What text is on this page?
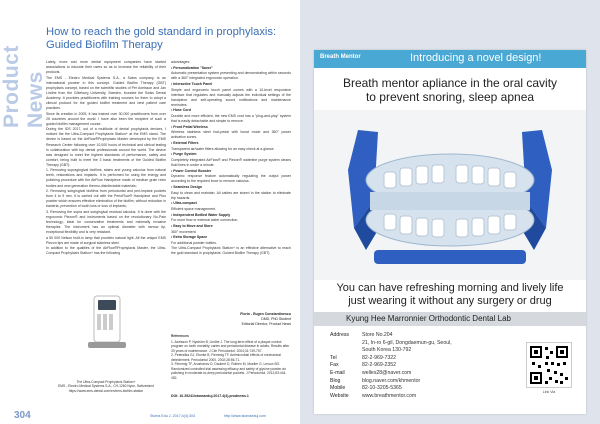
Product News
How to reach the gold standard in prophylaxis: Guided Biofilm Therapy

Lately, more and more dental equipment companies have started associations to educate their users so as to increase the reliability of their products.

The EMS - Electro Medical Systems S.A., a Swiss company, is an international pioneer in this concept. Guided Biofilm Therapy (GBT) prophylaxis concept, based on the scientific studies of Per Axelsson and Jan Lindhe from the Göteborg University, Sweden, founded the Swiss Dental Academy. It provides practitioners with training courses for them to adopt a clinical protocol for the guided biofilm treatment and best patient care practices.

Since its creation in 2005, it has trained over 30,000 practitioners from over 25 countries around the world. I have also been the recipient of such a guided biofilm management course.

During the IDS 2017, out of a multitude of dental prophylaxis devices, I noticed the the Ultra-Compact Prophylaxis Station+ at the EMS stand. The device is based on the AirFlow®Prophylaxis Master developed by the EMS Research Center following over 10,000 hours of technical and clinical testing in collaboration with top dental professionals around the world. The device was designed to meet the highest standards of performance, safety and comfort, being built to meet the 3 basic treatments of the Guided Biofilm Therapy (GBT):

1. Removing supragingival biofilms, stains and young calculus from natural teeth, restorations and implants. It is performed for using the energy and polishing procedure with the AirFlow Handpiece made of medium grain resin bodies and new generation thermo-disinfectable materials;

2. Removing subgingival biofilms from periodontal and peri-implant pockets from 4 to 9 mm. It is carried out with the PerioFlow® Handpiece and Plus powder which ensures effective elimination of the biofilm, without reduction in bacteria, prevention of tooth loss or loss of implants;

3. Removing the supra and subgingival residual calculus. It is done with the ergonomic Piezon® and instruments based on the revolutionary No-Pain technology, ideal for conservative treatments and minimally invasive therapies. The instrument has an optimal diameter with narrow tip, exceptional flexibility and is very resistant.

a 50 000 Nelson built-in lamp that provides natural light. All the unique EMS Piezon tips are made of surgical stainless steel.

In addition to the qualities of the AirFlow®Prophylaxis Master, the Ultra-Compact Prophylaxis Station+ has the following

The Ultra-Compact Prophylaxis Station+
EMS - Electro Medical Systems S.A., CH-1260 Nyon, Switzerland
https://www.ems-dental.com/en/ems-biofilm-station

advantages:

• Personalization "Saver"

Automatic presentation system presenting and demonstrating within seconds with a 360° integrated ergonomic operation.

• Interactive Touch Panel

Simple and ergonomic touch panel comes with a 10-level responsive interface that regulates and manually adjusts the individual settings of the handpiece and self-operating sound notifications and maintenance reminders.

• Hose Cord

Durable and more efficient, the new EMS cord has a "plug-and-play" system that is easily detachable and simple to remove.

• Front Pedal Wireless

Wireless stainless steel foot-pedal with boost mode and 360° power activation zones.

• External Filters

Transparent air/water filters allowing for an easy check at a glance.

• Purge System

Completely integrated AirFlow® and Piezon® waterline purge system cleans fluid lines in under a minute.

• Power Control Booster

Dynamic response feature automatically regulating the output power according to the required force to remove calculus.

• Seamless Design

Easy to clean and maintain. All cables are stored in the station to eliminate trip hazards.

• Ultra-compact

Efficient space management.

• Independent Bottled Water Supply

For more flow or external water connection.

• Easy to Move and Store

360° movement.

• Extra Storage Space

For additional powder bottles.

The Ultra-Compact Prophylaxis Station+ is an effective alternative to reach the gold standard in prophylaxis: Guided Biofilm Therapy (GBT).

Florin - Eugen Constantinescu
DMD, PhD Student
Editorial Director, Product News
References
1. Axelsson P, Nyström B, Lindhe J. The long-term effect of a plaque control program on tooth mortality, caries and periodontal disease in adults. Results after 30 years of maintenance. J Clin Periodontol. 2004;31:749-757.
2. Petersilka GJ, Ehmke B, Flemmig TF. Antimicrobial effects of mechanical debridement. Periodontol 2000. 2002;28:56-71.
3. Flemmig TF, Arushanov D, Daubert D, Rothen M, Mueller G, Leroux BG. Randomized controlled trial assessing efficacy and safety of glycine powder air polishing in moderate-to-deep periodontal pockets. J Periodontol. 2012;83:444-452.
DOI: 10.25241/stomaeduj.2017.4(4).prodnews.1
304	Stoma Edu J. 2017;4(4):304	http://www.stomaeduj.com
Breath Mentor	Introducing a novel design!
Breath mentor apliance in the oral cavity
to prevent snoring, sleep apnea
You can have refreshing morning and lively life
just wearing it without any surgery or drug
Kyung Hee Marronnier Orthodontic Dental Lab
Address	Store No.204
21, In-ro 6-gil, Dongdaemun-gu, Seoul,
South Korea 130-792
Tel	82-2-969-7322
Fax	82-2-969-2352
E-mail	welles28@naver.com
Blog	blog.naver.com/khmentor
Mobile	82-10-3205-5365
Website	www.breathmentor.com
Link Via
